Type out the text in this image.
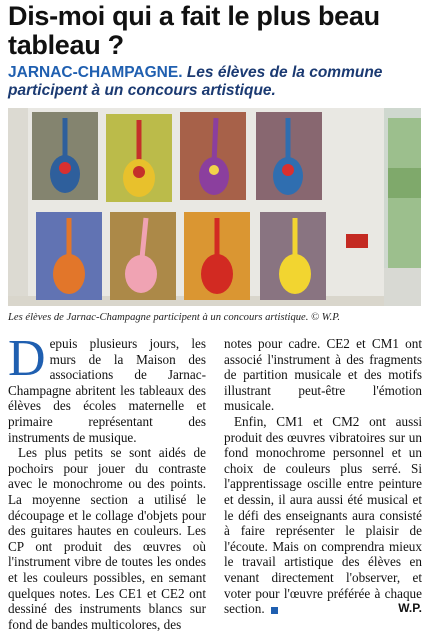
Dis-moi qui a fait le plus beau tableau ?
JARNAC-CHAMPAGNE. Les élèves de la commune participent à un concours artistique.
Les élèves de Jarnac-Champagne participent à un concours artistique. © W.P.

Depuis plusieurs jours, les murs de la Maison des associations de Jarnac-Champagne abritent les tableaux des élèves des écoles maternelle et primaire représentant des instruments de musique.

Les plus petits se sont aidés de pochoirs pour jouer du contraste avec le monochrome ou des points. La moyenne section a utilisé le découpage et le collage d'objets pour des guitares hautes en couleurs. Les CP ont produit des œuvres où l'instrument vibre de toutes les ondes et les couleurs possibles, en semant quelques notes. Les CE1 et CE2 ont dessiné des instruments blancs sur fond de bandes multicolores, des

notes pour cadre. CE2 et CM1 ont associé l'instrument à des fragments de partition musicale et des motifs illustrant peut-être l'émotion musicale.

Enfin, CM1 et CM2 ont aussi produit des œuvres vibratoires sur un fond monochrome personnel et un choix de couleurs plus serré. Si l'apprentissage oscille entre peinture et dessin, il aura aussi été musical et le défi des enseignants aura consisté à faire représenter le plaisir de l'écoute. Mais on comprendra mieux le travail artistique des élèves en venant directement l'observer, et voter pour l'œuvre préférée à chaque section.	W.P.
